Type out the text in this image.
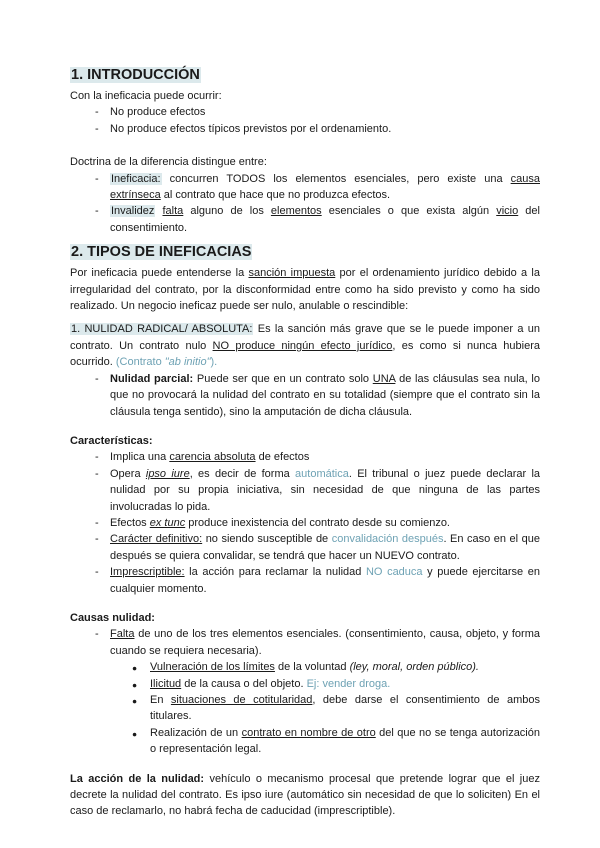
1. INTRODUCCIÓN
Con la ineficacia puede ocurrir:
- No produce efectos
- No produce efectos típicos previstos por el ordenamiento.
Doctrina de la diferencia distingue entre:
- Ineficacia: concurren TODOS los elementos esenciales, pero existe una causa extrínseca al contrato que hace que no produzca efectos.
- Invalidez falta alguno de los elementos esenciales o que exista algún vicio del consentimiento.
2. TIPOS DE INEFICACIAS
Por ineficacia puede entenderse la sanción impuesta por el ordenamiento jurídico debido a la irregularidad del contrato, por la disconformidad entre como ha sido previsto y como ha sido realizado. Un negocio ineficaz puede ser nulo, anulable o rescindible:
1. NULIDAD RADICAL/ ABSOLUTA: Es la sanción más grave que se le puede imponer a un contrato. Un contrato nulo NO produce ningún efecto jurídico, es como si nunca hubiera ocurrido. (Contrato "ab initio").
- Nulidad parcial: Puede ser que en un contrato solo UNA de las cláusulas sea nula, lo que no provocará la nulidad del contrato en su totalidad (siempre que el contrato sin la cláusula tenga sentido), sino la amputación de dicha cláusula.
Características:
- Implica una carencia absoluta de efectos
- Opera ipso iure, es decir de forma automática. El tribunal o juez puede declarar la nulidad por su propia iniciativa, sin necesidad de que ninguna de las partes involucradas lo pida.
- Efectos ex tunc produce inexistencia del contrato desde su comienzo.
- Carácter definitivo: no siendo susceptible de convalidación después. En caso en el que después se quiera convalidar, se tendrá que hacer un NUEVO contrato.
- Imprescriptible: la acción para reclamar la nulidad NO caduca y puede ejercitarse en cualquier momento.
Causas nulidad:
- Falta de uno de los tres elementos esenciales. (consentimiento, causa, objeto, y forma cuando se requiera necesaria).
● Vulneración de los límites de la voluntad (ley, moral, orden público).
● Ilicitud de la causa o del objeto. Ej: vender droga.
● En situaciones de cotitularidad, debe darse el consentimiento de ambos titulares.
● Realización de un contrato en nombre de otro del que no se tenga autorización o representación legal.
La acción de la nulidad: vehículo o mecanismo procesal que pretende lograr que el juez decrete la nulidad del contrato. Es ipso iure (automático sin necesidad de que lo soliciten) En el caso de reclamarlo, no habrá fecha de caducidad (imprescriptible).
